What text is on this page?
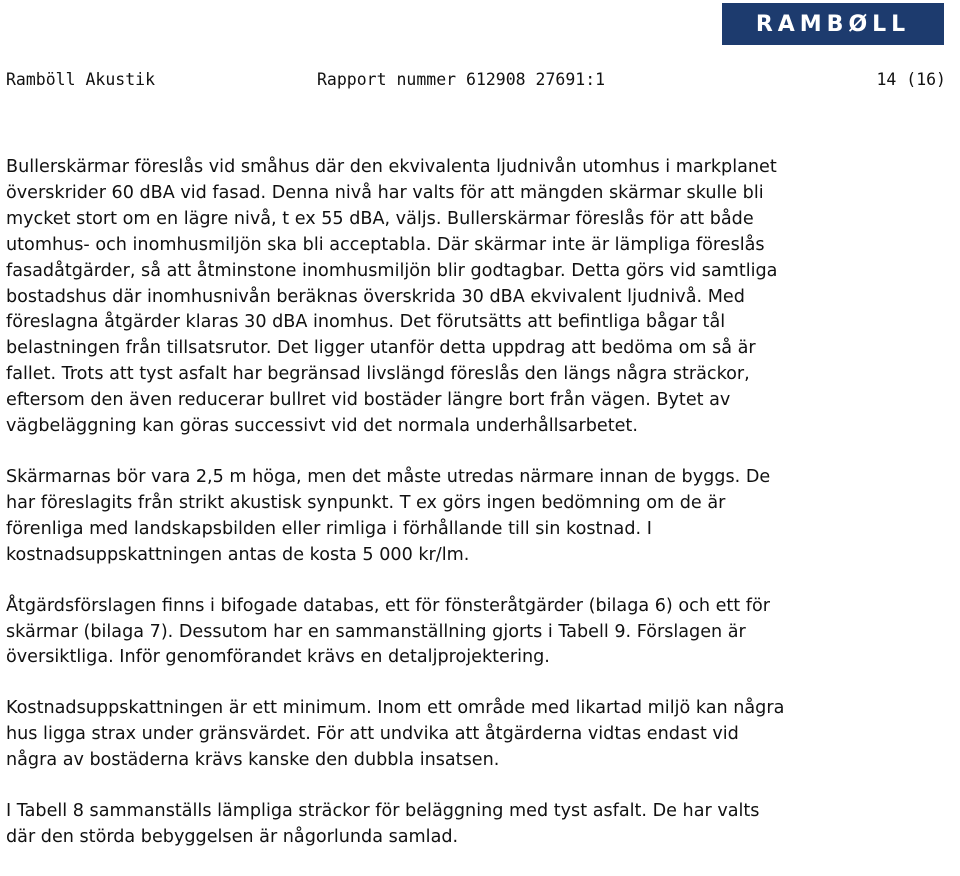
RAMBØLL
Ramböll Akustik	Rapport nummer 612908 27691:1	14 (16)

Bullerskärmar föreslås vid småhus där den ekvivalenta ljudnivån utomhus i markplanet
överskrider 60 dBA vid fasad. Denna nivå har valts för att mängden skärmar skulle bli
mycket stort om en lägre nivå, t ex 55 dBA, väljs. Bullerskärmar föreslås för att både
utomhus- och inomhusmiljön ska bli acceptabla. Där skärmar inte är lämpliga föreslås
fasadåtgärder, så att åtminstone inomhusmiljön blir godtagbar. Detta görs vid samtliga
bostadshus där inomhusnivån beräknas överskrida 30 dBA ekvivalent ljudnivå. Med
föreslagna åtgärder klaras 30 dBA inomhus. Det förutsätts att befintliga bågar tål
belastningen från tillsatsrutor. Det ligger utanför detta uppdrag att bedöma om så är
fallet. Trots att tyst asfalt har begränsad livslängd föreslås den längs några sträckor,
eftersom den även reducerar bullret vid bostäder längre bort från vägen. Bytet av
vägbeläggning kan göras successivt vid det normala underhållsarbetet.

Skärmarnas bör vara 2,5 m höga, men det måste utredas närmare innan de byggs. De
har föreslagits från strikt akustisk synpunkt. T ex görs ingen bedömning om de är
förenliga med landskapsbilden eller rimliga i förhållande till sin kostnad. I
kostnadsuppskattningen antas de kosta 5 000 kr/lm.

Åtgärdsförslagen finns i bifogade databas, ett för fönsteråtgärder (bilaga 6) och ett för
skärmar (bilaga 7). Dessutom har en sammanställning gjorts i Tabell 9. Förslagen är
översiktliga. Inför genomförandet krävs en detaljprojektering.

Kostnadsuppskattningen är ett minimum. Inom ett område med likartad miljö kan några
hus ligga strax under gränsvärdet. För att undvika att åtgärderna vidtas endast vid
några av bostäderna krävs kanske den dubbla insatsen.

I Tabell 8 sammanställs lämpliga sträckor för beläggning med tyst asfalt. De har valts
där den störda bebyggelsen är någorlunda samlad.
